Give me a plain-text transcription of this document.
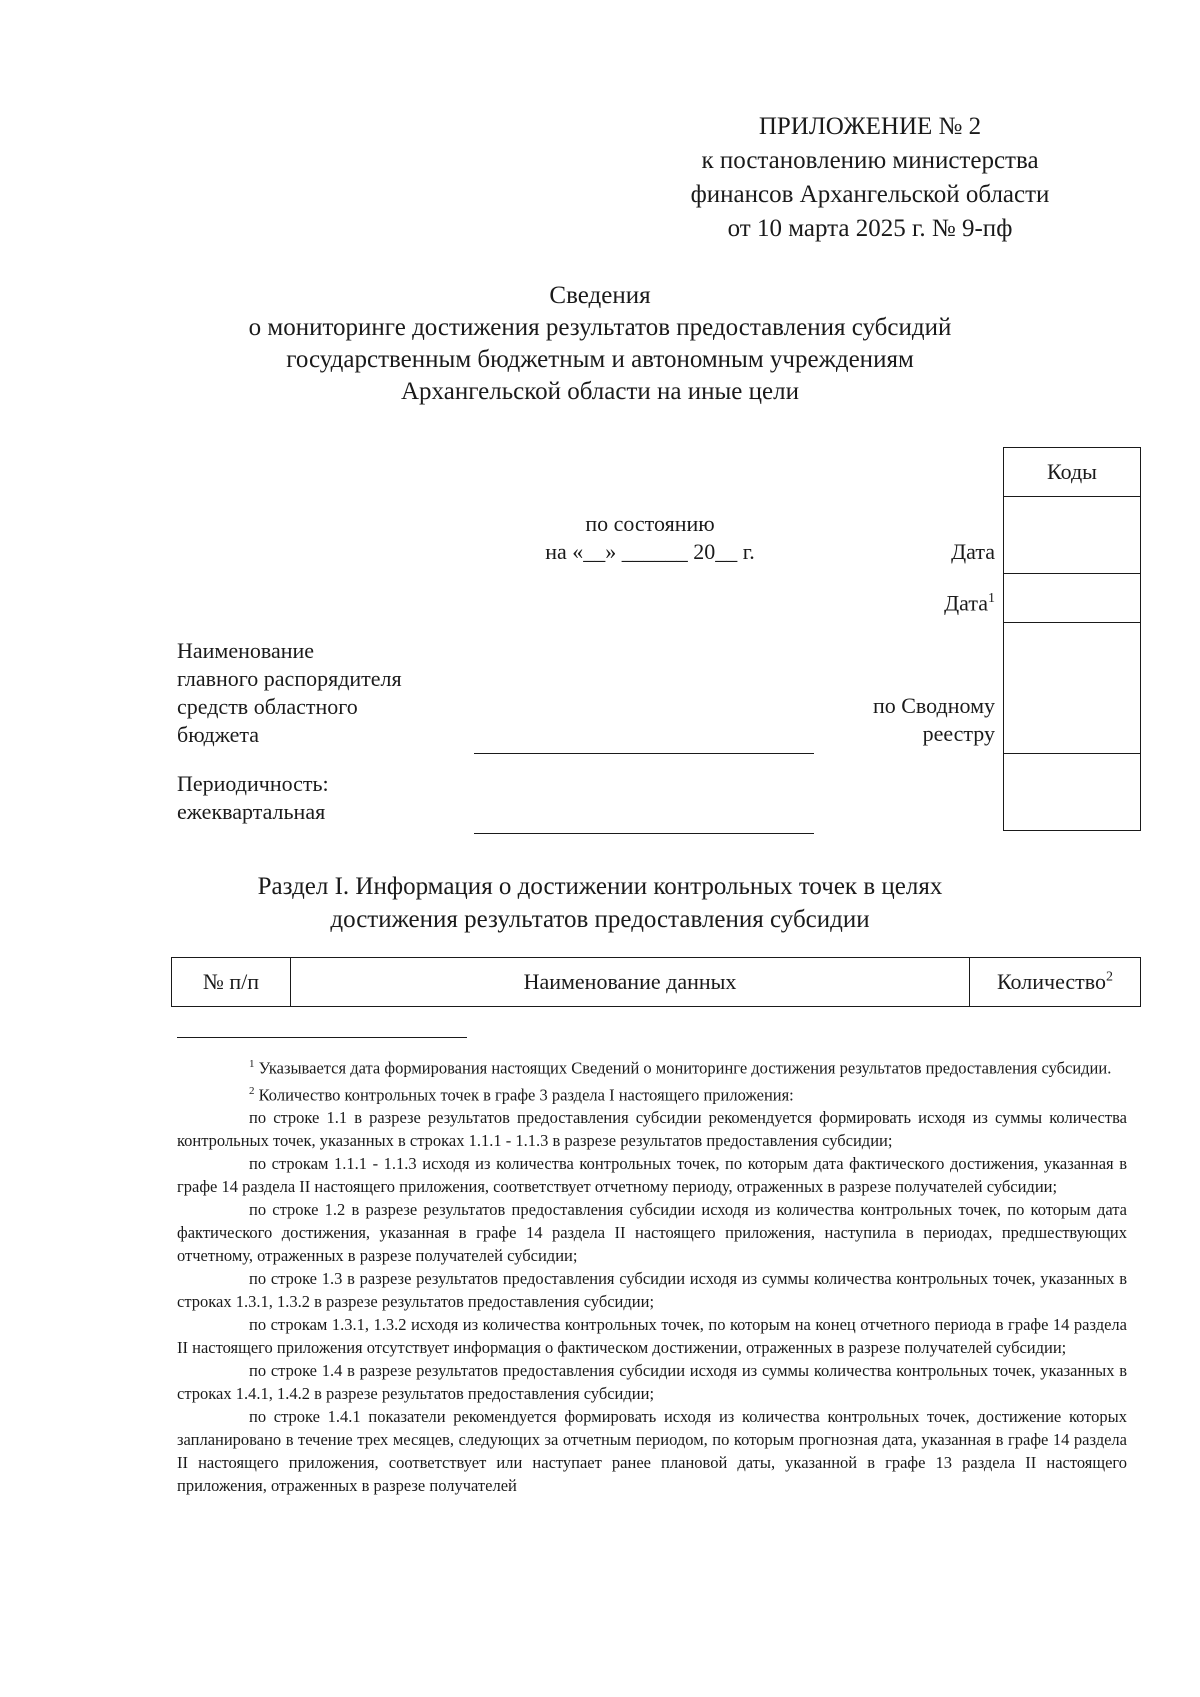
ПРИЛОЖЕНИЕ № 2
к постановлению министерства
финансов Архангельской области
от 10 марта 2025 г. № 9-пф
Сведения
о мониторинге достижения результатов предоставления субсидий
государственным бюджетным и автономным учреждениям
Архангельской области на иные цели
Коды

по состоянию
на «__» ______ 20__ г.	Дата
Дата$^1$
по Сводному
реестру
Наименование
главного распорядителя
средств областного
бюджета
Периодичность:
ежеквартальная
Раздел I. Информация о достижении контрольных точек в целях
достижения результатов предоставления субсидии
№ п/п	Наименование данных	Количество$^2$

$^1$ Указывается дата формирования настоящих Сведений о мониторинге достижения результатов предоставления субсидии.

$^2$ Количество контрольных точек в графе 3 раздела I настоящего приложения:

по строке 1.1 в разрезе результатов предоставления субсидии рекомендуется формировать исходя из суммы количества контрольных точек, указанных в строках 1.1.1 - 1.1.3 в разрезе результатов предоставления субсидии;

по строкам 1.1.1 - 1.1.3 исходя из количества контрольных точек, по которым дата фактического достижения, указанная в графе 14 раздела II настоящего приложения, соответствует отчетному периоду, отраженных в разрезе получателей субсидии;

по строке 1.2 в разрезе результатов предоставления субсидии исходя из количества контрольных точек, по которым дата фактического достижения, указанная в графе 14 раздела II настоящего приложения, наступила в периодах, предшествующих отчетному, отраженных в разрезе получателей субсидии;

по строке 1.3 в разрезе результатов предоставления субсидии исходя из суммы количества контрольных точек, указанных в строках 1.3.1, 1.3.2 в разрезе результатов предоставления субсидии;

по строкам 1.3.1, 1.3.2 исходя из количества контрольных точек, по которым на конец отчетного периода в графе 14 раздела II настоящего приложения отсутствует информация о фактическом достижении, отраженных в разрезе получателей субсидии;

по строке 1.4 в разрезе результатов предоставления субсидии исходя из суммы количества контрольных точек, указанных в строках 1.4.1, 1.4.2 в разрезе результатов предоставления субсидии;

по строке 1.4.1 показатели рекомендуется формировать исходя из количества контрольных точек, достижение которых запланировано в течение трех месяцев, следующих за отчетным периодом, по которым прогнозная дата, указанная в графе 14 раздела II настоящего приложения, соответствует или наступает ранее плановой даты, указанной в графе 13 раздела II настоящего приложения, отраженных в разрезе получателей
